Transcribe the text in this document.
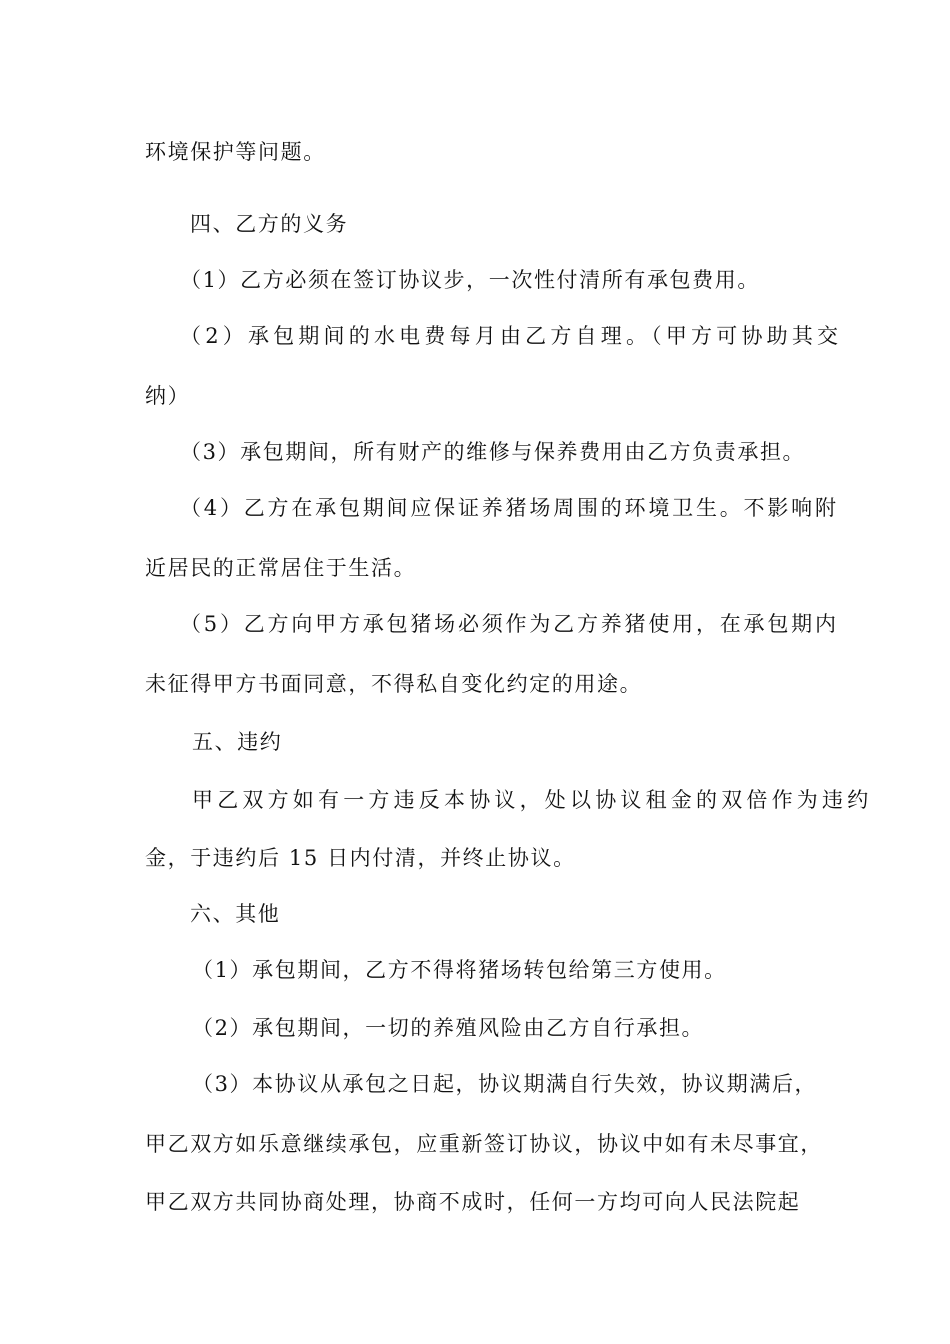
环境保护等问题。
四、乙方的义务
（1）乙方必须在签订协议步，一次性付清所有承包费用。
（2）承包期间的水电费每月由乙方自理。（甲方可协助其交
纳）
（3）承包期间，所有财产的维修与保养费用由乙方负责承担。
（4）乙方在承包期间应保证养猪场周围的环境卫生。不影响附
近居民的正常居住于生活。
（5）乙方向甲方承包猪场必须作为乙方养猪使用，在承包期内
未征得甲方书面同意，不得私自变化约定的用途。
五、违约
甲乙双方如有一方违反本协议，处以协议租金的双倍作为违约
金，于违约后 15 日内付清，并终止协议。
六、其他
（1）承包期间，乙方不得将猪场转包给第三方使用。
（2）承包期间，一切的养殖风险由乙方自行承担。
（3）本协议从承包之日起，协议期满自行失效，协议期满后，
甲乙双方如乐意继续承包，应重新签订协议，协议中如有未尽事宜，
甲乙双方共同协商处理，协商不成时，任何一方均可向人民法院起
